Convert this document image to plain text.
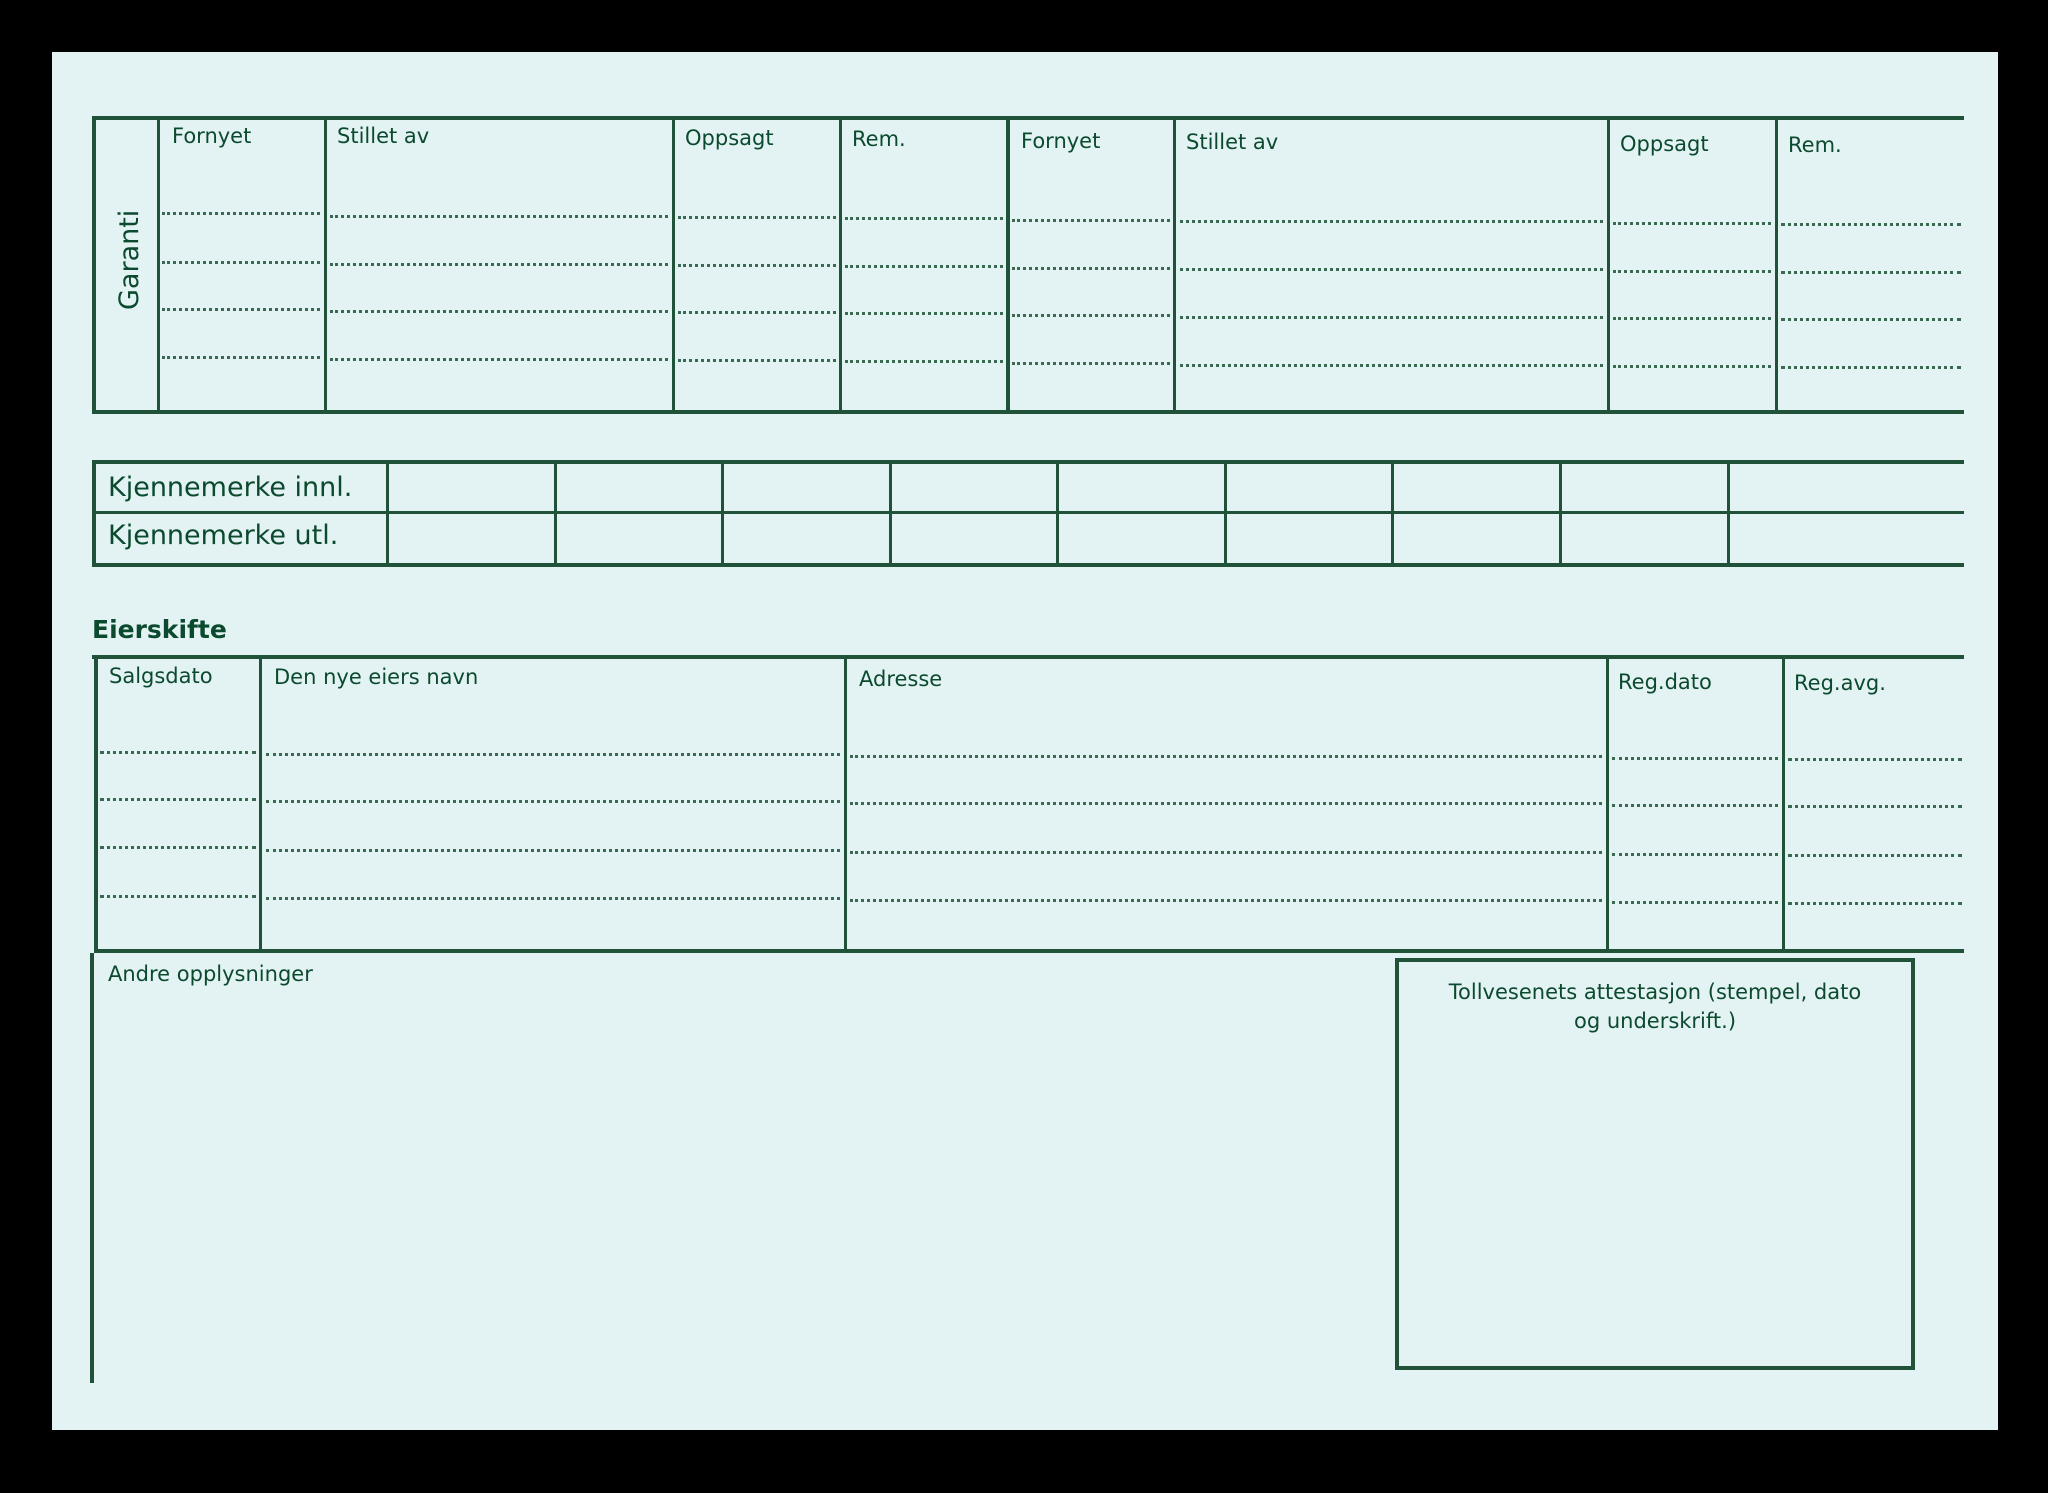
Garanti
Fornyet	Stillet av	Oppsagt	Rem.	Fornyet	Stillet av	Oppsagt	Rem.
Kjennemerke innl.
Kjennemerke utl.
Eierskifte
Salgsdato	Den nye eiers navn	Adresse	Reg.dato	Reg.avg.
Andre opplysninger
Tollvesenets attestasjon (stempel, dato
og underskrift.)
